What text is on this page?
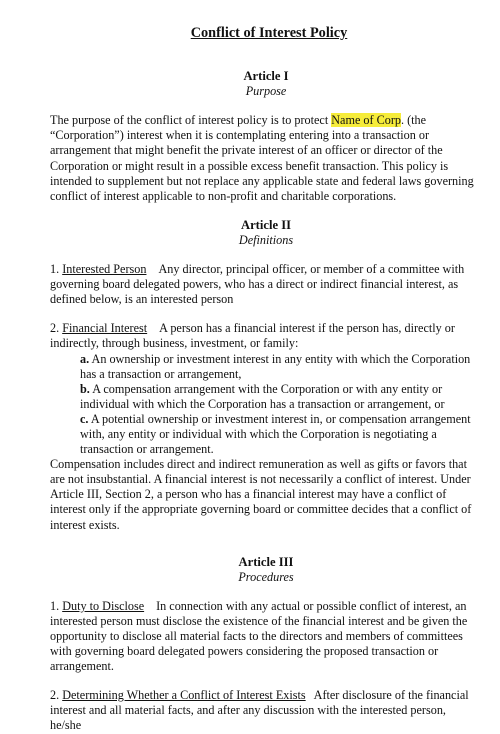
Conflict of Interest Policy
Article I
Purpose

The purpose of the conflict of interest policy is to protect Name of Corp. (the “Corporation”) interest when it is contemplating entering into a transaction or arrangement that might benefit the private interest of an officer or director of the Corporation or might result in a possible excess benefit transaction. This policy is intended to supplement but not replace any applicable state and federal laws governing conflict of interest applicable to non-profit and charitable corporations.

Article II
Definitions

1. Interested Person Any director, principal officer, or member of a committee with governing board delegated powers, who has a direct or indirect financial interest, as defined below, is an interested person

2. Financial Interest A person has a financial interest if the person has, directly or indirectly, through business, investment, or family:

a. An ownership or investment interest in any entity with which the Corporation has a transaction or arrangement,
b. A compensation arrangement with the Corporation or with any entity or individual with which the Corporation has a transaction or arrangement, or
c. A potential ownership or investment interest in, or compensation arrangement with, any entity or individual with which the Corporation is negotiating a transaction or arrangement.

Compensation includes direct and indirect remuneration as well as gifts or favors that are not insubstantial. A financial interest is not necessarily a conflict of interest. Under Article III, Section 2, a person who has a financial interest may have a conflict of interest only if the appropriate governing board or committee decides that a conflict of interest exists.

Article III
Procedures

1. Duty to Disclose In connection with any actual or possible conflict of interest, an interested person must disclose the existence of the financial interest and be given the opportunity to disclose all material facts to the directors and members of committees with governing board delegated powers considering the proposed transaction or arrangement.

2. Determining Whether a Conflict of Interest Exists After disclosure of the financial interest and all material facts, and after any discussion with the interested person, he/she
